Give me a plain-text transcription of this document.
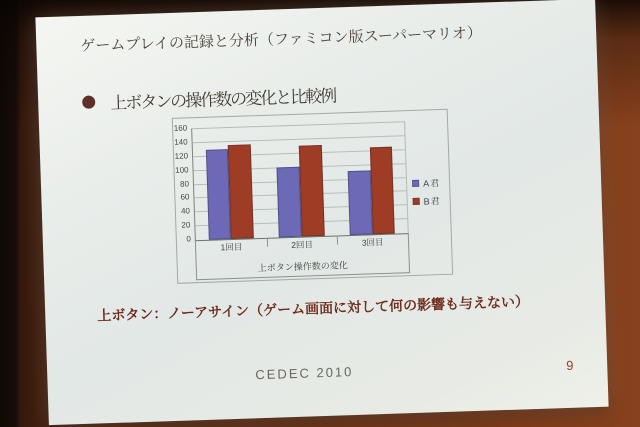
ゲームプレイの記録と分析（ファミコン版スーパーマリオ）
上ボタンの操作数の変化と比較例
0
20
40
60
80
100
120
140
160
1回目	2回目	3回目
上ボタン操作数の変化
A君
B君
上ボタン：ノーアサイン（ゲーム画面に対して何の影響も与えない）
CEDEC 2010	9
